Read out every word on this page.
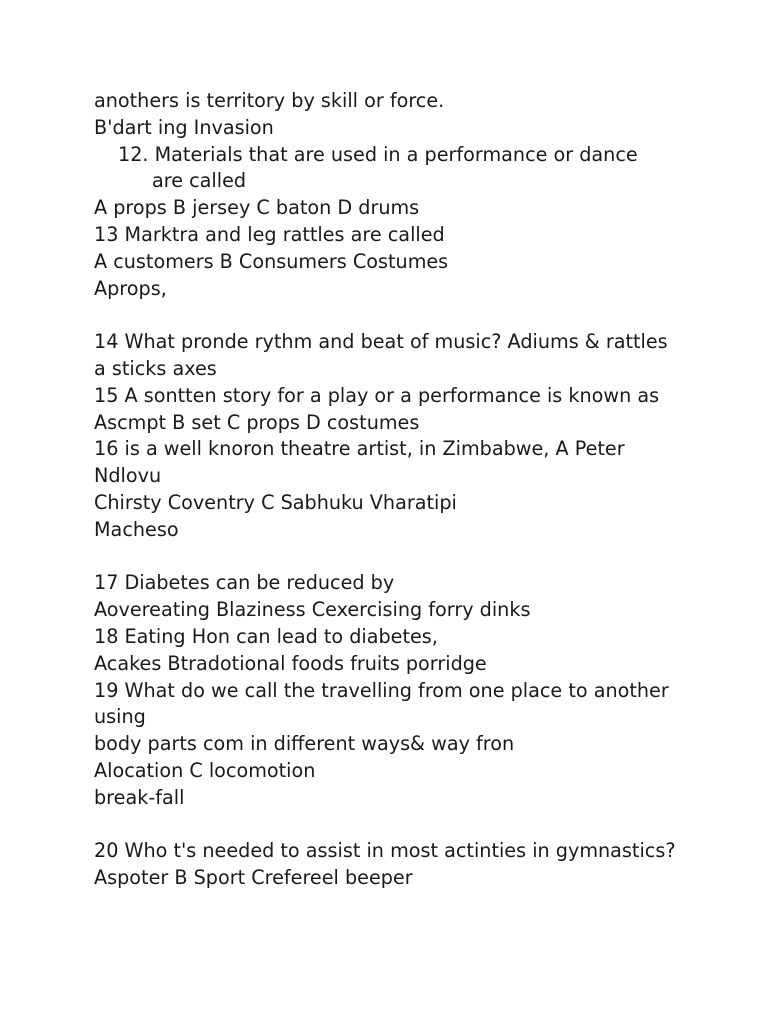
anothers is territory by skill or force.
B'dart ing Invasion
12. Materials that are used in a performance or dance
are called
A props B jersey C baton D drums
13 Marktra and leg rattles are called
A customers B Consumers Costumes
Aprops,
14 What pronde rythm and beat of music? Adiums & rattles
a sticks axes
15 A sontten story for a play or a performance is known as
Ascmpt B set C props D costumes
16 is a well knoron theatre artist, in Zimbabwe, A Peter
Ndlovu
Chirsty Coventry C Sabhuku Vharatipi
Macheso
17 Diabetes can be reduced by
Aovereating Blaziness Cexercising forry dinks
18 Eating Hon can lead to diabetes,
Acakes Btradotional foods fruits porridge
19 What do we call the travelling from one place to another
using
body parts com in different ways& way fron
Alocation C locomotion
break-fall
20 Who t's needed to assist in most actinties in gymnastics?
Aspoter B Sport Crefereel beeper
